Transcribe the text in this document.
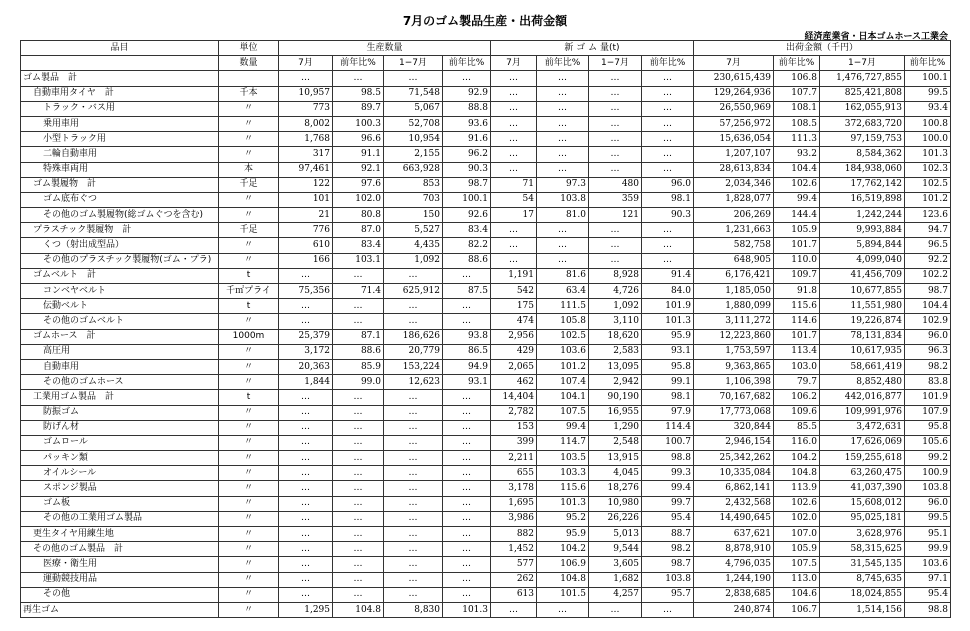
7月のゴム製品生産・出荷金額
経済産業省・日本ゴムホース工業会
品目	単位	生産数量				新 ゴ ム 量(t)				出荷金額（千円）			
	数量	7月	前年比%	1−7月	前年比%	7月	前年比%	1−7月	前年比%	7月	前年比%	1−7月	前年比%
ゴム製品　計		…	…	…	…	…	…	…	…	230,615,439	106.8	1,476,727,855	100.1
自動車用タイヤ　計	千本	10,957	98.5	71,548	92.9	…	…	…	…	129,264,936	107.7	825,421,808	99.5
トラック・バス用	〃	773	89.7	5,067	88.8	…	…	…	…	26,550,969	108.1	162,055,913	93.4
乗用車用	〃	8,002	100.3	52,708	93.6	…	…	…	…	57,256,972	108.5	372,683,720	100.8
小型トラック用	〃	1,768	96.6	10,954	91.6	…	…	…	…	15,636,054	111.3	97,159,753	100.0
二輪自動車用	〃	317	91.1	2,155	96.2	…	…	…	…	1,207,107	93.2	8,584,362	101.3
特殊車両用	本	97,461	92.1	663,928	90.3	…	…	…	…	28,613,834	104.4	184,938,060	102.3
ゴム製履物　計	千足	122	97.6	853	98.7	71	97.3	480	96.0	2,034,346	102.6	17,762,142	102.5
ゴム底布ぐつ	〃	101	102.0	703	100.1	54	103.8	359	98.1	1,828,077	99.4	16,519,898	101.2
その他のゴム製履物(総ゴムぐつを含む)	〃	21	80.8	150	92.6	17	81.0	121	90.3	206,269	144.4	1,242,244	123.6
プラスチック製履物　計	千足	776	87.0	5,527	83.4	…	…	…	…	1,231,663	105.9	9,993,884	94.7
くつ（射出成型品）	〃	610	83.4	4,435	82.2	…	…	…	…	582,758	101.7	5,894,844	96.5
その他のプラスチック製履物(ゴム・プラ)	〃	166	103.1	1,092	88.6	…	…	…	…	648,905	110.0	4,099,040	92.2
ゴムベルト　計	t	…	…	…	…	1,191	81.6	8,928	91.4	6,176,421	109.7	41,456,709	102.2
コンベヤベルト	千㎡プライ	75,356	71.4	625,912	87.5	542	63.4	4,726	84.0	1,185,050	91.8	10,677,855	98.7
伝動ベルト	t	…	…	…	…	175	111.5	1,092	101.9	1,880,099	115.6	11,551,980	104.4
その他のゴムベルト	〃	…	…	…	…	474	105.8	3,110	101.3	3,111,272	114.6	19,226,874	102.9
ゴムホース　計	1000m	25,379	87.1	186,626	93.8	2,956	102.5	18,620	95.9	12,223,860	101.7	78,131,834	96.0
高圧用	〃	3,172	88.6	20,779	86.5	429	103.6	2,583	93.1	1,753,597	113.4	10,617,935	96.3
自動車用	〃	20,363	85.9	153,224	94.9	2,065	101.2	13,095	95.8	9,363,865	103.0	58,661,419	98.2
その他のゴムホース	〃	1,844	99.0	12,623	93.1	462	107.4	2,942	99.1	1,106,398	79.7	8,852,480	83.8
工業用ゴム製品　計	t	…	…	…	…	14,404	104.1	90,190	98.1	70,167,682	106.2	442,016,877	101.9
防振ゴム	〃	…	…	…	…	2,782	107.5	16,955	97.9	17,773,068	109.6	109,991,976	107.9
防げん材	〃	…	…	…	…	153	99.4	1,290	114.4	320,844	85.5	3,472,631	95.8
ゴムロール	〃	…	…	…	…	399	114.7	2,548	100.7	2,946,154	116.0	17,626,069	105.6
パッキン類	〃	…	…	…	…	2,211	103.5	13,915	98.8	25,342,262	104.2	159,255,618	99.2
オイルシール	〃	…	…	…	…	655	103.3	4,045	99.3	10,335,084	104.8	63,260,475	100.9
スポンジ製品	〃	…	…	…	…	3,178	115.6	18,276	99.4	6,862,141	113.9	41,037,390	103.8
ゴム板	〃	…	…	…	…	1,695	101.3	10,980	99.7	2,432,568	102.6	15,608,012	96.0
その他の工業用ゴム製品	〃	…	…	…	…	3,986	95.2	26,226	95.4	14,490,645	102.0	95,025,181	99.5
更生タイヤ用練生地	〃	…	…	…	…	882	95.9	5,013	88.7	637,621	107.0	3,628,976	95.1
その他のゴム製品　計	〃	…	…	…	…	1,452	104.2	9,544	98.2	8,878,910	105.9	58,315,625	99.9
医療・衛生用	〃	…	…	…	…	577	106.9	3,605	98.7	4,796,035	107.5	31,545,135	103.6
運動競技用品	〃	…	…	…	…	262	104.8	1,682	103.8	1,244,190	113.0	8,745,635	97.1
その他	〃	…	…	…	…	613	101.5	4,257	95.7	2,838,685	104.6	18,024,855	95.4
再生ゴム	〃	1,295	104.8	8,830	101.3	…	…	…	…	240,874	106.7	1,514,156	98.8
